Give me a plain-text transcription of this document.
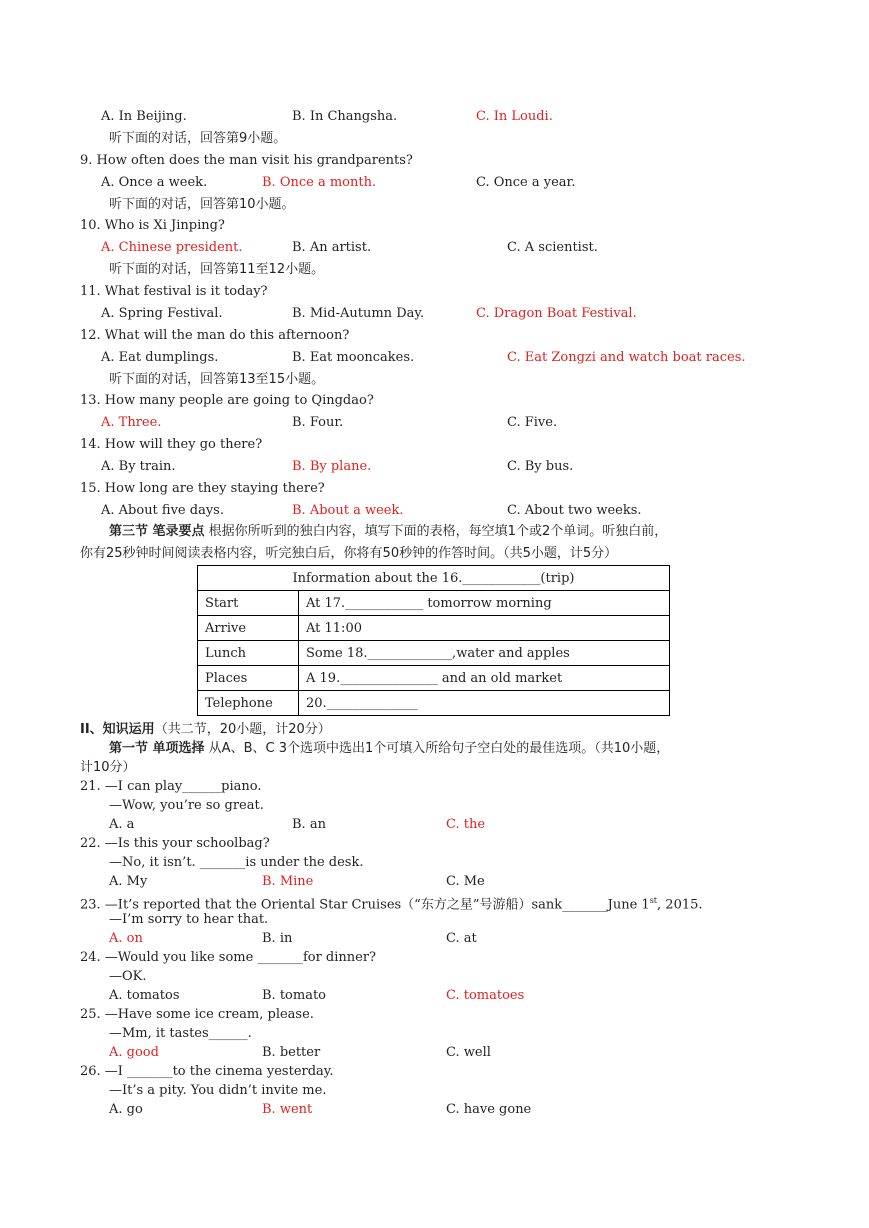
A. In Beijing.	B. In Changsha.	C. In Loudi.
听下面的对话，回答第9小题。
9. How often does the man visit his grandparents?
A. Once a week.	B. Once a month.	C. Once a year.
听下面的对话，回答第10小题。
10. Who is Xi Jinping?
A. Chinese president.	B. An artist.	C. A scientist.
听下面的对话，回答第11至12小题。
11. What festival is it today?
A. Spring Festival.	B. Mid-Autumn Day.	C. Dragon Boat Festival.
12. What will the man do this afternoon?
A. Eat dumplings.	B. Eat mooncakes.	C. Eat Zongzi and watch boat races.
听下面的对话，回答第13至15小题。
13. How many people are going to Qingdao?
A. Three.	B. Four.	C. Five.
14. How will they go there?
A. By train.	B. By plane.	C. By bus.
15. How long are they staying there?
A. About five days.	B. About a week.	C. About two weeks.
第三节 笔录要点 根据你所听到的独白内容，填写下面的表格，每空填1个或2个单词。听独白前，
你有25秒钟时间阅读表格内容，听完独白后，你将有50秒钟的作答时间。（共5小题，计5分）
Information about the 16.____________(trip)	
Start	At 17.____________ tomorrow morning
Arrive	At 11:00
Lunch	Some 18._____________,water and apples
Places	A 19._______________ and an old market
Telephone	20.______________
II、知识运用（共二节，20小题，计20分）
第一节 单项选择 从A、B、C 3个选项中选出1个可填入所给句子空白处的最佳选项。（共10小题，
计10分）
21. —I can play______piano.
—Wow, you’re so great.
A. a	B. an	C. the
22. —Is this your schoolbag?
—No, it isn’t. _______is under the desk.
A. My	B. Mine	C. Me
23. —It’s reported that the Oriental Star Cruises（“东方之星”号游船）sank_______June 1st, 2015.
—I’m sorry to hear that.
A. on	B. in	C. at
24. —Would you like some _______for dinner?
—OK.
A. tomatos	B. tomato	C. tomatoes
25. —Have some ice cream, please.
—Mm, it tastes______.
A. good	B. better	C. well
26. —I _______to the cinema yesterday.
—It’s a pity. You didn’t invite me.
A. go	B. went	C. have gone
